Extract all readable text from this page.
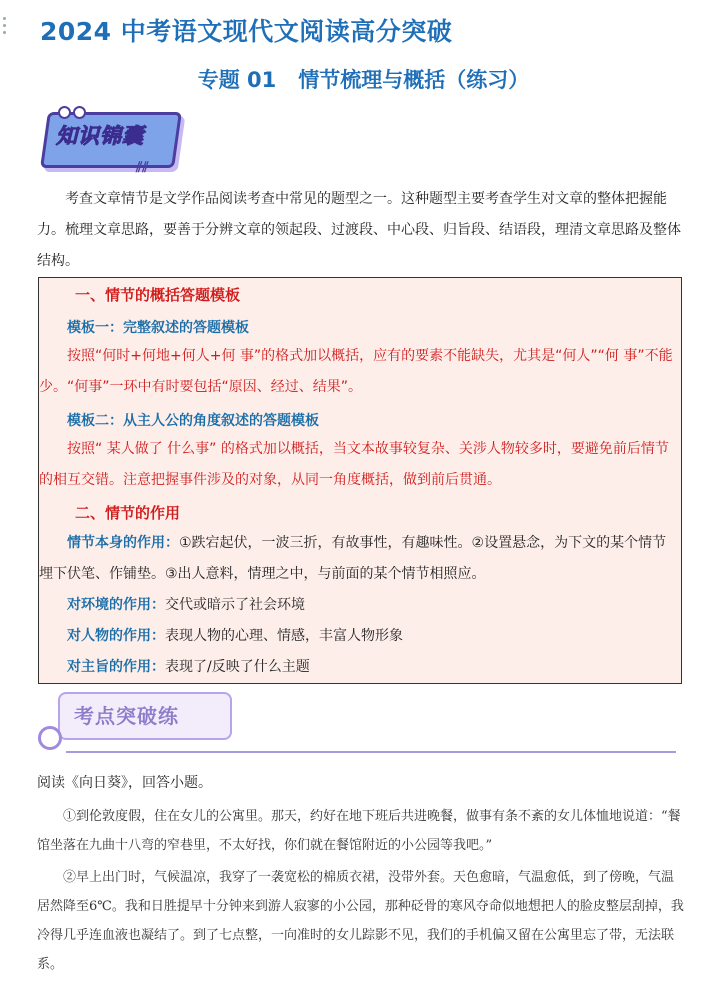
2024 中考语文现代文阅读高分突破
专题 01 情节梳理与概括（练习）
知识锦囊
⫽⫽

考查文章情节是文学作品阅读考查中常见的题型之一。这种题型主要考查学生对文章的整体把握能力。梳理文章思路，要善于分辨文章的领起段、过渡段、中心段、归旨段、结语段，理清文章思路及整体结构。

一、情节的概括答题模板

模板一：完整叙述的答题模板

按照“何时+何地+何人+何 事”的格式加以概括，应有的要素不能缺失，尤其是“何人”“何 事”不能少。“何事”一环中有时要包括“原因、经过、结果”。

模板二：从主人公的角度叙述的答题模板

按照“ 某人做了 什么事” 的格式加以概括，当文本故事较复杂、关涉人物较多时，要避免前后情节的相互交错。注意把握事件涉及的对象，从同一角度概括，做到前后贯通。

二、情节的作用

情节本身的作用：①跌宕起伏，一波三折，有故事性，有趣味性。②设置悬念，为下文的某个情节埋下伏笔、作铺垫。③出人意料，情理之中，与前面的某个情节相照应。

对环境的作用：交代或暗示了社会环境

对人物的作用：表现人物的心理、情感，丰富人物形象

对主旨的作用：表现了/反映了什么主题

考点突破练

阅读《向日葵》，回答小题。

①到伦敦度假，住在女儿的公寓里。那天，约好在地下班后共进晚餐，做事有条不紊的女儿体恤地说道：“餐馆坐落在九曲十八弯的窄巷里，不太好找，你们就在餐馆附近的小公园等我吧。”

②早上出门时，气候温凉，我穿了一袭宽松的棉质衣裙，没带外套。天色愈暗，气温愈低，到了傍晚，气温居然降至6℃。我和日胜提早十分钟来到游人寂寥的小公园，那种砭骨的寒风夺命似地想把人的脸皮整层刮掉，我冷得几乎连血液也凝结了。到了七点整，一向准时的女儿踪影不见，我们的手机偏又留在公寓里忘了带，无法联系。
